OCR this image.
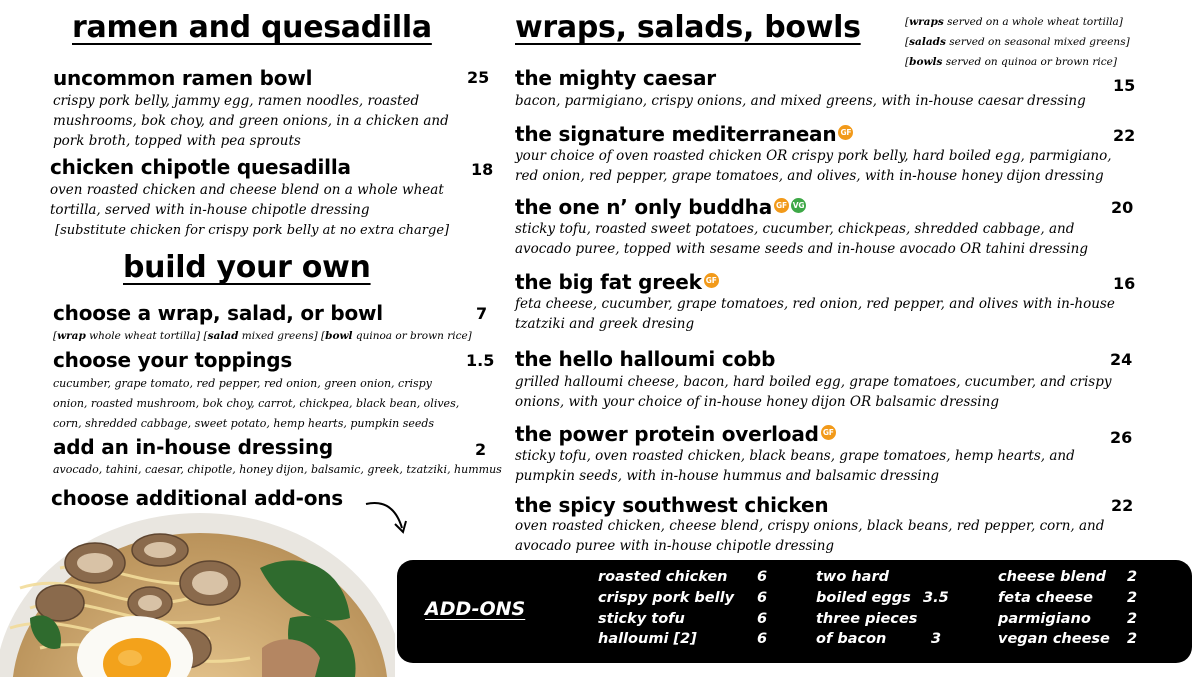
ramen and quesadilla
uncommon ramen bowl	25
crispy pork belly, jammy egg, ramen noodles, roasted mushrooms, bok choy, and green onions, in a chicken and pork broth, topped with pea sprouts
chicken chipotle quesadilla	18
oven roasted chicken and cheese blend on a whole wheat tortilla, served with in-house chipotle dressing
[substitute chicken for crispy pork belly at no extra charge]
build your own
choose a wrap, salad, or bowl	7
[wrap whole wheat tortilla] [salad mixed greens] [bowl quinoa or brown rice]
choose your toppings	1.5
cucumber, grape tomato, red pepper, red onion, green onion, crispy onion, roasted mushroom, bok choy, carrot, chickpea, black bean, olives, corn, shredded cabbage, sweet potato, hemp hearts, pumpkin seeds
add an in-house dressing	2
avocado, tahini, caesar, chipotle, honey dijon, balsamic, greek, tzatziki, hummus
choose additional add-ons
wraps, salads, bowls	[wraps served on a whole wheat tortilla]
[salads served on seasonal mixed greens]
[bowls served on quinoa or brown rice]
the mighty caesar	15
bacon, parmigiano, crispy onions, and mixed greens, with in-house caesar dressing
the signature mediterranean GF	22
your choice of oven roasted chicken OR crispy pork belly, hard boiled egg, parmigiano, red onion, red pepper, grape tomatoes, and olives, with in-house honey dijon dressing
the one n’ only buddha GF VG	20
sticky tofu, roasted sweet potatoes, cucumber, chickpeas, shredded cabbage, and avocado puree, topped with sesame seeds and in-house avocado OR tahini dressing
the big fat greek GF	16
feta cheese, cucumber, grape tomatoes, red onion, red pepper, and olives with in-house tzatziki and greek dresing
the hello halloumi cobb	24
grilled halloumi cheese, bacon, hard boiled egg, grape tomatoes, cucumber, and crispy onions, with your choice of in-house honey dijon OR balsamic dressing
the power protein overload GF	26
sticky tofu, oven roasted chicken, black beans, grape tomatoes, hemp hearts, and pumpkin seeds, with in-house hummus and balsamic dressing
the spicy southwest chicken	22
oven roasted chicken, cheese blend, crispy onions, black beans, red pepper, corn, and avocado puree with in-house chipotle dressing
ADD-ONS
roasted chicken 6
crispy pork belly 6
sticky tofu	6
halloumi [2]	6
two hard
boiled eggs 3.5
three pieces
of bacon	3
cheese blend 2
feta cheese 2
parmigiano 2
vegan cheese 2
